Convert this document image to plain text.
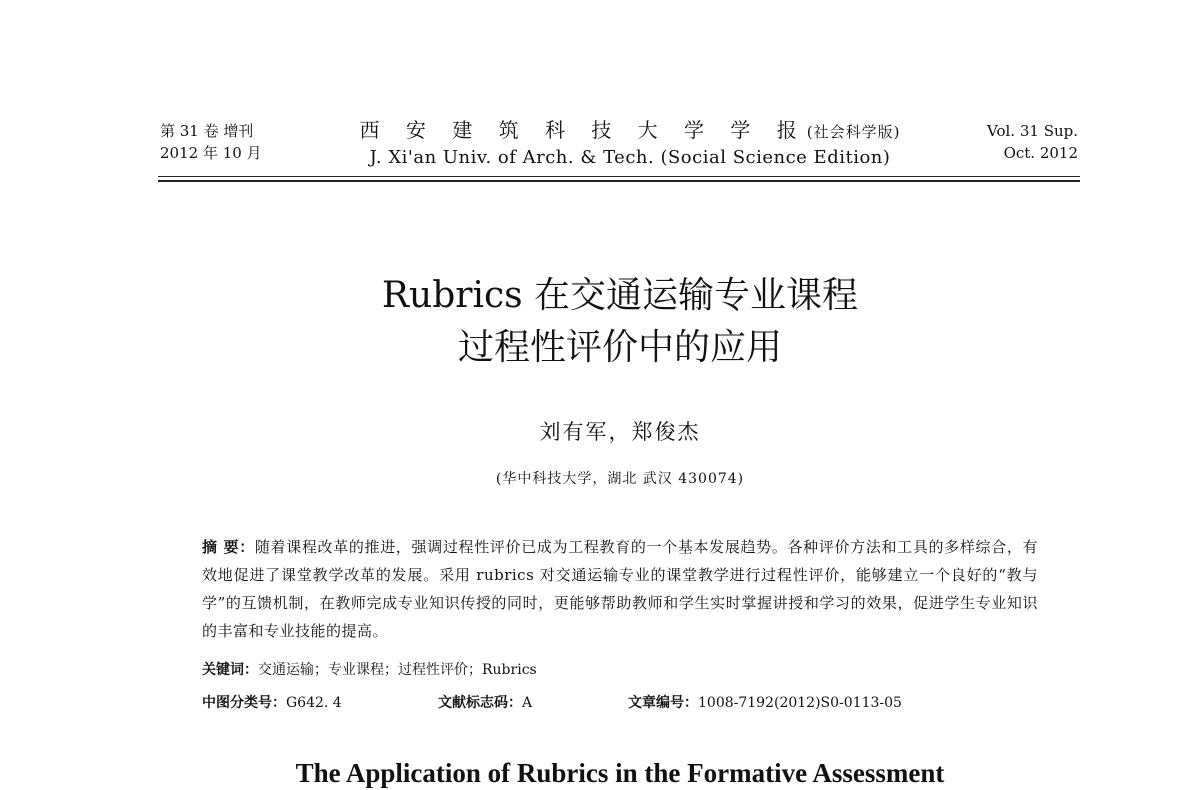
第 31 卷 增刊
2012 年 10 月
西 安 建 筑 科 技 大 学 学 报(社会科学版)
J. Xi'an Univ. of Arch. & Tech. (Social Science Edition)
Vol. 31 Sup.
Oct. 2012
Rubrics 在交通运输专业课程
过程性评价中的应用
刘有军，郑俊杰
(华中科技大学，湖北 武汉 430074)
摘 要：随着课程改革的推进，强调过程性评价已成为工程教育的一个基本发展趋势。各种评价方法和工具的多样综合，有效地促进了课堂教学改革的发展。采用 rubrics 对交通运输专业的课堂教学进行过程性评价，能够建立一个良好的“教与学”的互馈机制，在教师完成专业知识传授的同时，更能够帮助教师和学生实时掌握讲授和学习的效果，促进学生专业知识的丰富和专业技能的提高。
关键词：交通运输；专业课程；过程性评价；Rubrics
中图分类号：G642. 4	文献标志码：A	文章编号：1008-7192(2012)S0-0113-05
The Application of Rubrics in the Formative Assessment
